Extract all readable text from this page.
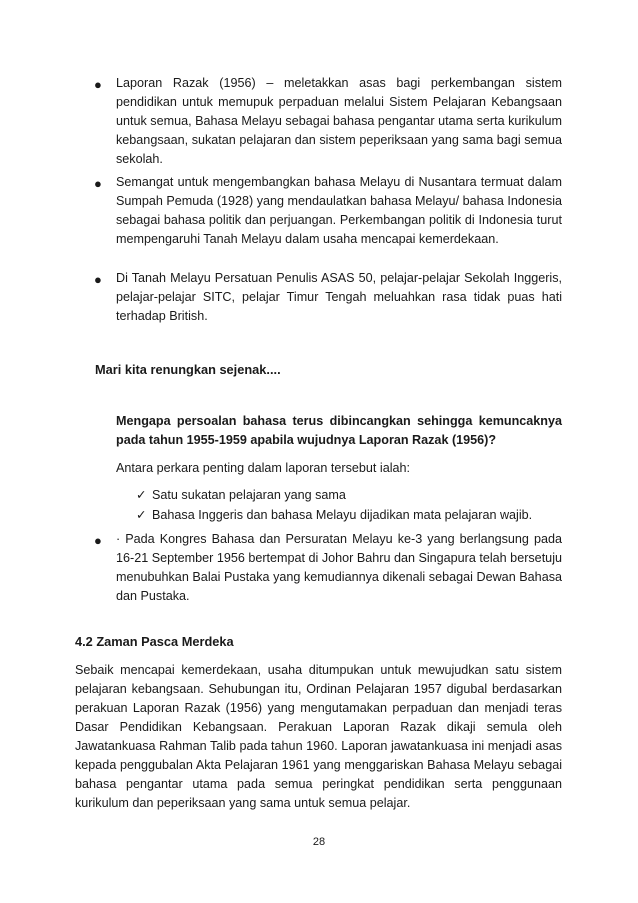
● Laporan Razak (1956) – meletakkan asas bagi perkembangan sistem pendidikan untuk memupuk perpaduan melalui Sistem Pelajaran Kebangsaan untuk semua, Bahasa Melayu sebagai bahasa pengantar utama serta kurikulum kebangsaan, sukatan pelajaran dan sistem peperiksaan yang sama bagi semua sekolah.
● Semangat untuk mengembangkan bahasa Melayu di Nusantara termuat dalam Sumpah Pemuda (1928) yang mendaulatkan bahasa Melayu/ bahasa Indonesia sebagai bahasa politik dan perjuangan. Perkembangan politik di Indonesia turut mempengaruhi Tanah Melayu dalam usaha mencapai kemerdekaan.
● Di Tanah Melayu Persatuan Penulis ASAS 50, pelajar-pelajar Sekolah Inggeris, pelajar-pelajar SITC, pelajar Timur Tengah meluahkan rasa tidak puas hati terhadap British.
Mari kita renungkan sejenak....
Mengapa persoalan bahasa terus dibincangkan sehingga kemuncaknya pada tahun 1955-1959 apabila wujudnya Laporan Razak (1956)?
Antara perkara penting dalam laporan tersebut ialah:
✓ Satu sukatan pelajaran yang sama
✓ Bahasa Inggeris dan bahasa Melayu dijadikan mata pelajaran wajib.
● · Pada Kongres Bahasa dan Persuratan Melayu ke-3 yang berlangsung pada 16-21 September 1956 bertempat di Johor Bahru dan Singapura telah bersetuju menubuhkan Balai Pustaka yang kemudiannya dikenali sebagai Dewan Bahasa dan Pustaka.
4.2 Zaman Pasca Merdeka
Sebaik mencapai kemerdekaan, usaha ditumpukan untuk mewujudkan satu sistem pelajaran kebangsaan. Sehubungan itu, Ordinan Pelajaran 1957 digubal berdasarkan perakuan Laporan Razak (1956) yang mengutamakan perpaduan dan menjadi teras Dasar Pendidikan Kebangsaan. Perakuan Laporan Razak dikaji semula oleh Jawatankuasa Rahman Talib pada tahun 1960. Laporan jawatankuasa ini menjadi asas kepada penggubalan Akta Pelajaran 1961 yang menggariskan Bahasa Melayu sebagai bahasa pengantar utama pada semua peringkat pendidikan serta penggunaan kurikulum dan peperiksaan yang sama untuk semua pelajar.
28
